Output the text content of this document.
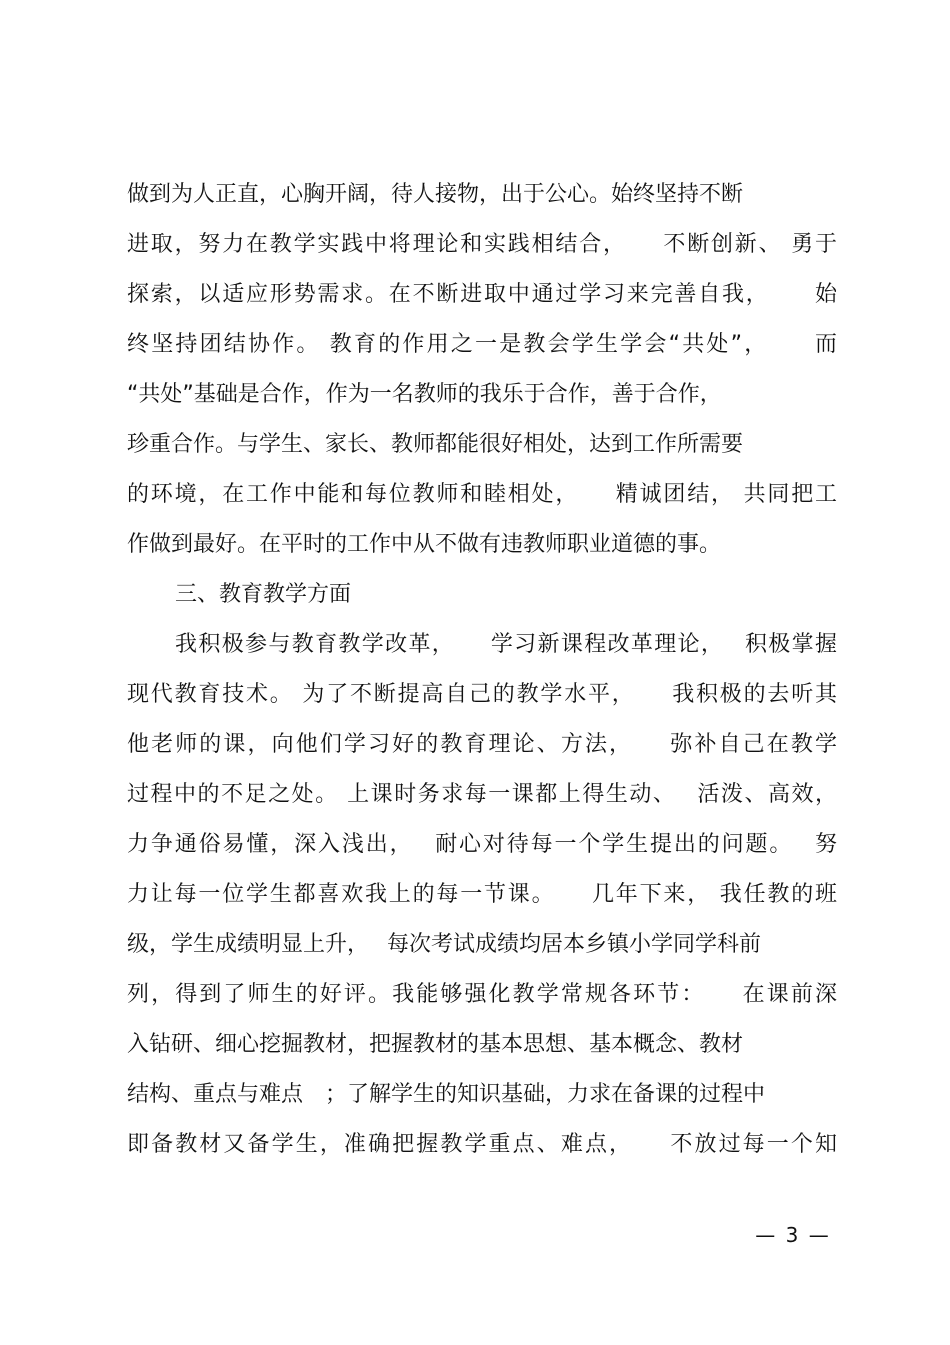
做到为人正直，心胸开阔，待人接物，出于公心。始终坚持不断
进取，努力在教学实践中将理论和实践相结合，　　不断创新、 勇于
探索，以适应形势需求。在不断进取中通过学习来完善自我，　　 始
终坚持团结协作。 教育的作用之一是教会学生学会“共处”，　　 而
“共处”基础是合作，作为一名教师的我乐于合作，善于合作，
珍重合作。与学生、家长、教师都能很好相处，达到工作所需要
的环境，在工作中能和每位教师和睦相处，　　精诚团结， 共同把工
作做到最好。在平时的工作中从不做有违教师职业道德的事。
三、教育教学方面
我积极参与教育教学改革，　　学习新课程改革理论，　 积极掌握
现代教育技术。 为了不断提高自己的教学水平，　　我积极的去听其
他老师的课，向他们学习好的教育理论、方法，　　弥补自己在教学
过程中的不足之处。 上课时务求每一课都上得生动、　 活泼、高效，
力争通俗易懂，深入浅出，　 耐心对待每一个学生提出的问题。　 努
力让每一位学生都喜欢我上的每一节课。　　几年下来， 我任教的班
级，学生成绩明显上升，　 每次考试成绩均居本乡镇小学同学科前
列，得到了师生的好评。我能够强化教学常规各环节：　　在课前深
入钻研、细心挖掘教材，把握教材的基本思想、基本概念、教材
结构、重点与难点　；了解学生的知识基础，力求在备课的过程中
即备教材又备学生，准确把握教学重点、难点，　　不放过每一个知
— 3 —
